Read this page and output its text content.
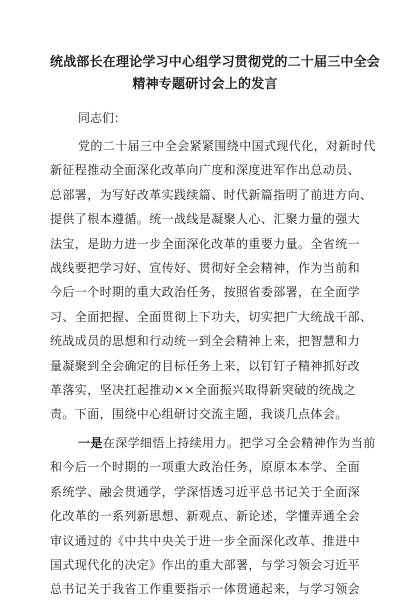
统战部长在理论学习中心组学习贯彻党的二十届三中全会
精神专题研讨会上的发言

同志们：

党的二十届三中全会紧紧围绕中国式现代化，对新时代
新征程推动全面深化改革向广度和深度进军作出总动员、
总部署，为写好改革实践续篇、时代新篇指明了前进方向、
提供了根本遵循。统一战线是凝聚人心、汇聚力量的强大
法宝，是助力进一步全面深化改革的重要力量。全省统一
战线要把学习好、宣传好、贯彻好全会精神，作为当前和
今后一个时期的重大政治任务，按照省委部署，在全面学
习、全面把握、全面贯彻上下功夫，切实把广大统战干部、
统战成员的思想和行动统一到全会精神上来，把智慧和力
量凝聚到全会确定的目标任务上来，以钉钉子精神抓好改
革落实，坚决扛起推动××全面振兴取得新突破的统战之
责。下面，围绕中心组研讨交流主题，我谈几点体会。

一是在深学细悟上持续用力。把学习全会精神作为当前
和今后一个时期的一项重大政治任务，原原本本学、全面
系统学、融会贯通学，学深悟透习近平总书记关于全面深
化改革的一系列新思想、新观点、新论述，学懂弄通全会
审议通过的《中共中央关于进一步全面深化改革、推进中
国式现代化的决定》作出的重大部署，与学习领会习近平
总书记关于我省工作重要指示一体贯通起来，与学习领会
